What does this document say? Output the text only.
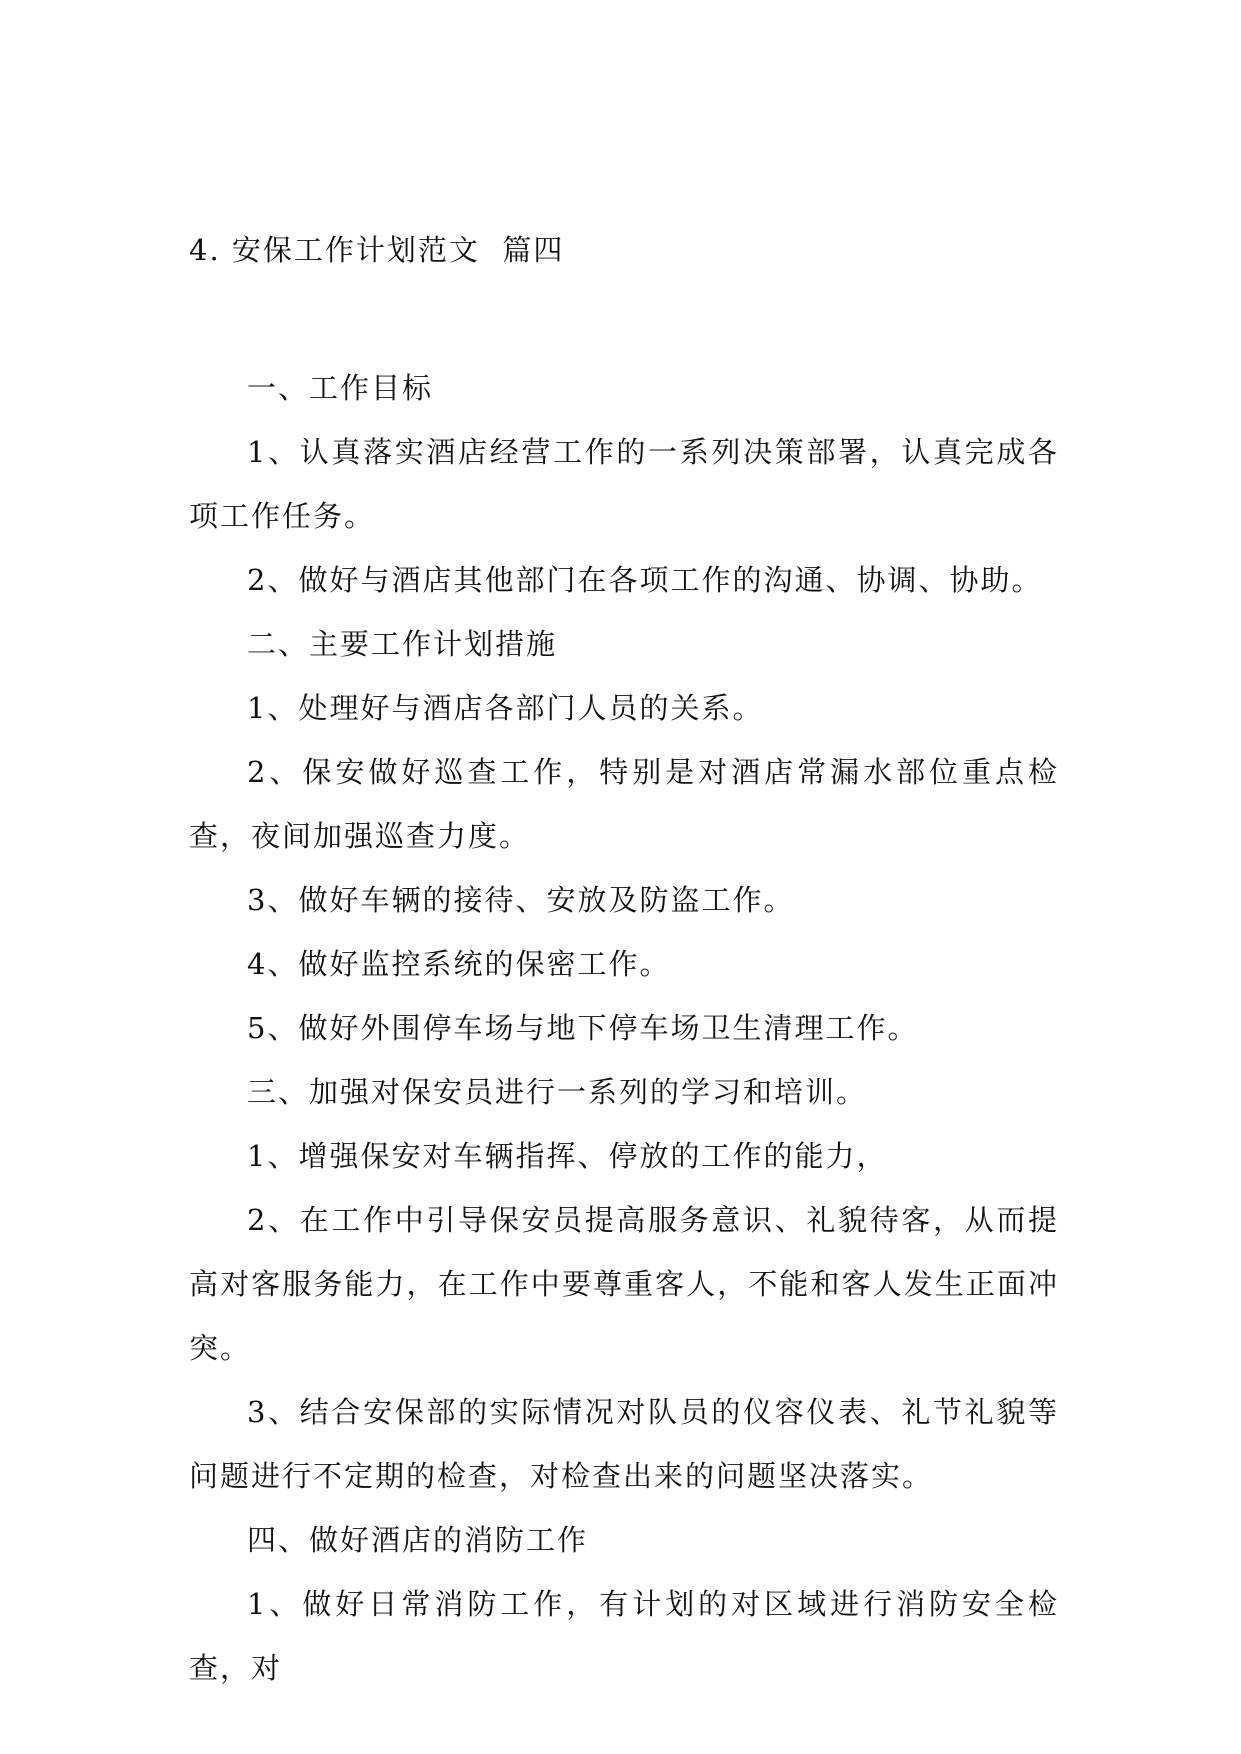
4. 安保工作计划范文  篇四

一、工作目标

1、认真落实酒店经营工作的一系列决策部署，认真完成各项工作任务。

2、做好与酒店其他部门在各项工作的沟通、协调、协助。

二、主要工作计划措施

1、处理好与酒店各部门人员的关系。

2、保安做好巡查工作，特别是对酒店常漏水部位重点检查，夜间加强巡查力度。

3、做好车辆的接待、安放及防盗工作。

4、做好监控系统的保密工作。

5、做好外围停车场与地下停车场卫生清理工作。

三、加强对保安员进行一系列的学习和培训。

1、增强保安对车辆指挥、停放的工作的能力，

2、在工作中引导保安员提高服务意识、礼貌待客，从而提高对客服务能力，在工作中要尊重客人，不能和客人发生正面冲突。

3、结合安保部的实际情况对队员的仪容仪表、礼节礼貌等问题进行不定期的检查，对检查出来的问题坚决落实。

四、做好酒店的消防工作

1、做好日常消防工作，有计划的对区域进行消防安全检查，对
